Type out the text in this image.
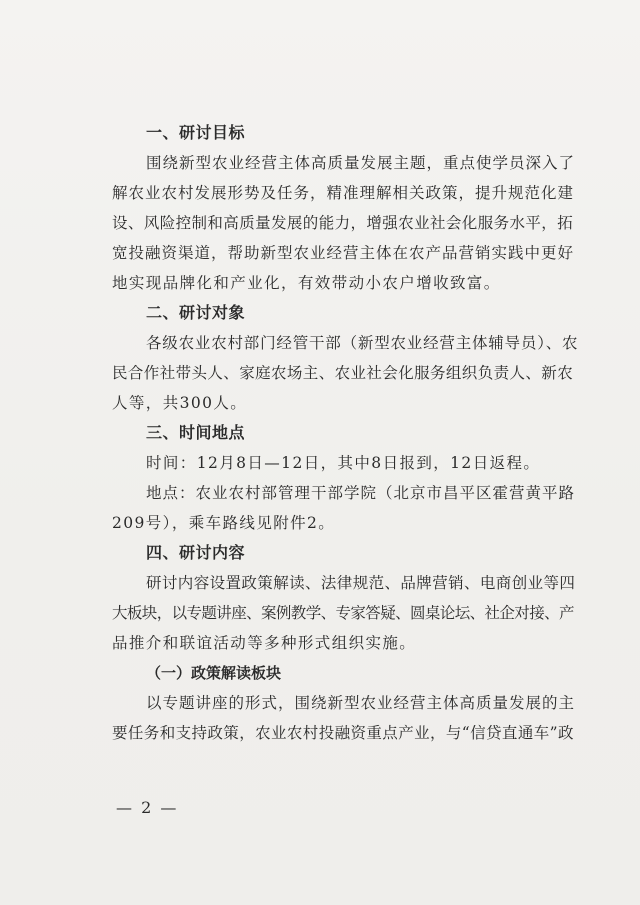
一、研讨目标
围绕新型农业经营主体高质量发展主题，重点使学员深入了
解农业农村发展形势及任务，精准理解相关政策，提升规范化建
设、风险控制和高质量发展的能力，增强农业社会化服务水平，拓
宽投融资渠道，帮助新型农业经营主体在农产品营销实践中更好
地实现品牌化和产业化，有效带动小农户增收致富。
二、研讨对象
各级农业农村部门经管干部（新型农业经营主体辅导员）、农
民合作社带头人、家庭农场主、农业社会化服务组织负责人、新农
人等，共300人。
三、时间地点
时间：12月8日—12日，其中8日报到，12日返程。
地点：农业农村部管理干部学院（北京市昌平区霍营黄平路
209号），乘车路线见附件2。
四、研讨内容
研讨内容设置政策解读、法律规范、品牌营销、电商创业等四
大板块，以专题讲座、案例教学、专家答疑、圆桌论坛、社企对接、产
品推介和联谊活动等多种形式组织实施。
（一）政策解读板块
以专题讲座的形式，围绕新型农业经营主体高质量发展的主
要任务和支持政策，农业农村投融资重点产业，与“信贷直通车”政
— 2 —
